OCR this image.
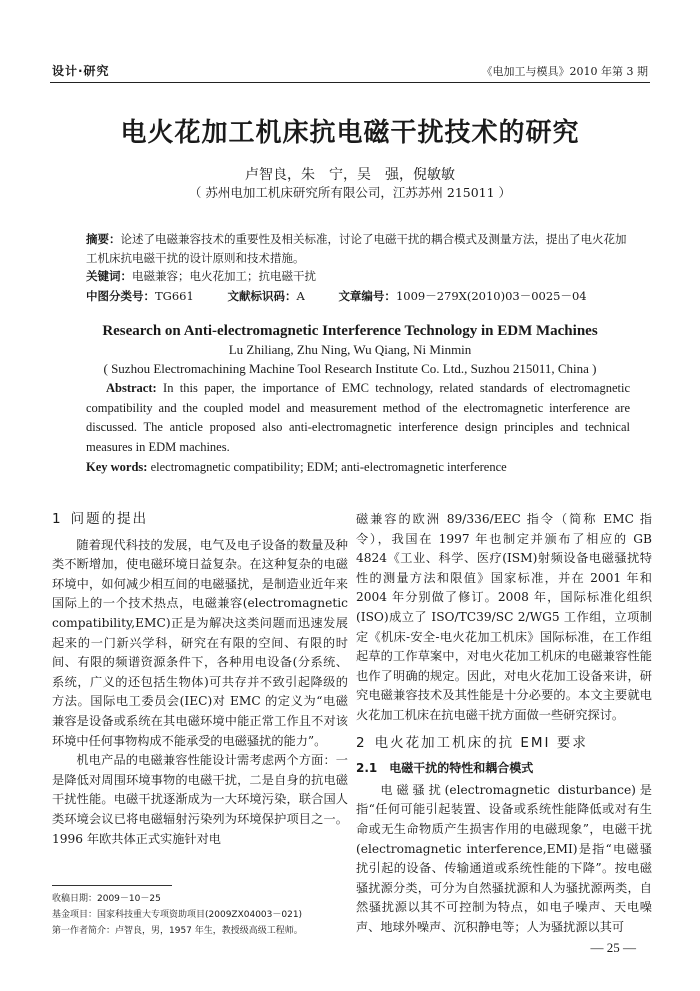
设计·研究	《电加工与模具》2010 年第 3 期
电火花加工机床抗电磁干扰技术的研究
卢智良，朱　宁，吴　强，倪敏敏
（ 苏州电加工机床研究所有限公司，江苏苏州 215011 ）
摘要：论述了电磁兼容技术的重要性及相关标准，讨论了电磁干扰的耦合模式及测量方法，提出了电火花加工机床抗电磁干扰的设计原则和技术措施。
关键词：电磁兼容；电火花加工；抗电磁干扰
中图分类号：TG661	文献标识码：A	文章编号：1009－279X(2010)03－0025－04
Research on Anti-electromagnetic Interference Technology in EDM Machines
Lu Zhiliang, Zhu Ning, Wu Qiang, Ni Minmin
( Suzhou Electromachining Machine Tool Research Institute Co. Ltd., Suzhou 215011, China )
Abstract: In this paper, the importance of EMC technology, related standards of electromagnetic compatibility and the coupled model and measurement method of the electromagnetic interference are discussed. The anticle proposed also anti-electromagnetic interference design principles and technical measures in EDM machines.
Key words: electromagnetic compatibility; EDM; anti-electromagnetic interference
1 问题的提出

随着现代科技的发展，电气及电子设备的数量及种类不断增加，使电磁环境日益复杂。在这种复杂的电磁环境中，如何减少相互间的电磁骚扰，是制造业近年来国际上的一个技术热点，电磁兼容(electromagnetic compatibility,EMC)正是为解决这类问题而迅速发展起来的一门新兴学科，研究在有限的空间、有限的时间、有限的频谱资源条件下，各种用电设备(分系统、系统，广义的还包括生物体)可共存并不致引起降级的方法。国际电工委员会(IEC)对 EMC 的定义为“电磁兼容是设备或系统在其电磁环境中能正常工作且不对该环境中任何事物构成不能承受的电磁骚扰的能力”。

机电产品的电磁兼容性能设计需考虑两个方面：一是降低对周围环境事物的电磁干扰，二是自身的抗电磁干扰性能。电磁干扰逐渐成为一大环境污染，联合国人类环境会议已将电磁辐射污染列为环境保护项目之一。1996 年欧共体正式实施针对电

磁兼容的欧洲 89/336/EEC 指令（简称 EMC 指令），我国在 1997 年也制定并颁布了相应的 GB 4824《工业、科学、医疗(ISM)射频设备电磁骚扰特性的测量方法和限值》国家标准，并在 2001 年和 2004 年分别做了修订。2008 年，国际标准化组织(ISO)成立了 ISO/TC39/SC 2/WG5 工作组，立项制定《机床-安全-电火花加工机床》国际标准，在工作组起草的工作草案中，对电火花加工机床的电磁兼容性能也作了明确的规定。因此，对电火花加工设备来讲，研究电磁兼容技术及其性能是十分必要的。本文主要就电火花加工机床在抗电磁干扰方面做一些研究探讨。

2 电火花加工机床的抗 EMI 要求
2.1　 电磁干扰的特性和耦合模式

电磁骚扰(electromagnetic disturbance)是指“任何可能引起装置、设备或系统性能降低或对有生命或无生命物质产生损害作用的电磁现象”，电磁干扰(electromagnetic interference,EMI)是指“电磁骚扰引起的设备、传输通道或系统性能的下降”。按电磁骚扰源分类，可分为自然骚扰源和人为骚扰源两类，自然骚扰源以其不可控制为特点，如电子噪声、天电噪声、地球外噪声、沉积静电等；人为骚扰源以其可

收稿日期：2009－10－25
基金项目：国家科技重大专项资助项目(2009ZX04003－021)
第一作者简介：卢智良，男，1957 年生，教授级高级工程师。
— 25 —
